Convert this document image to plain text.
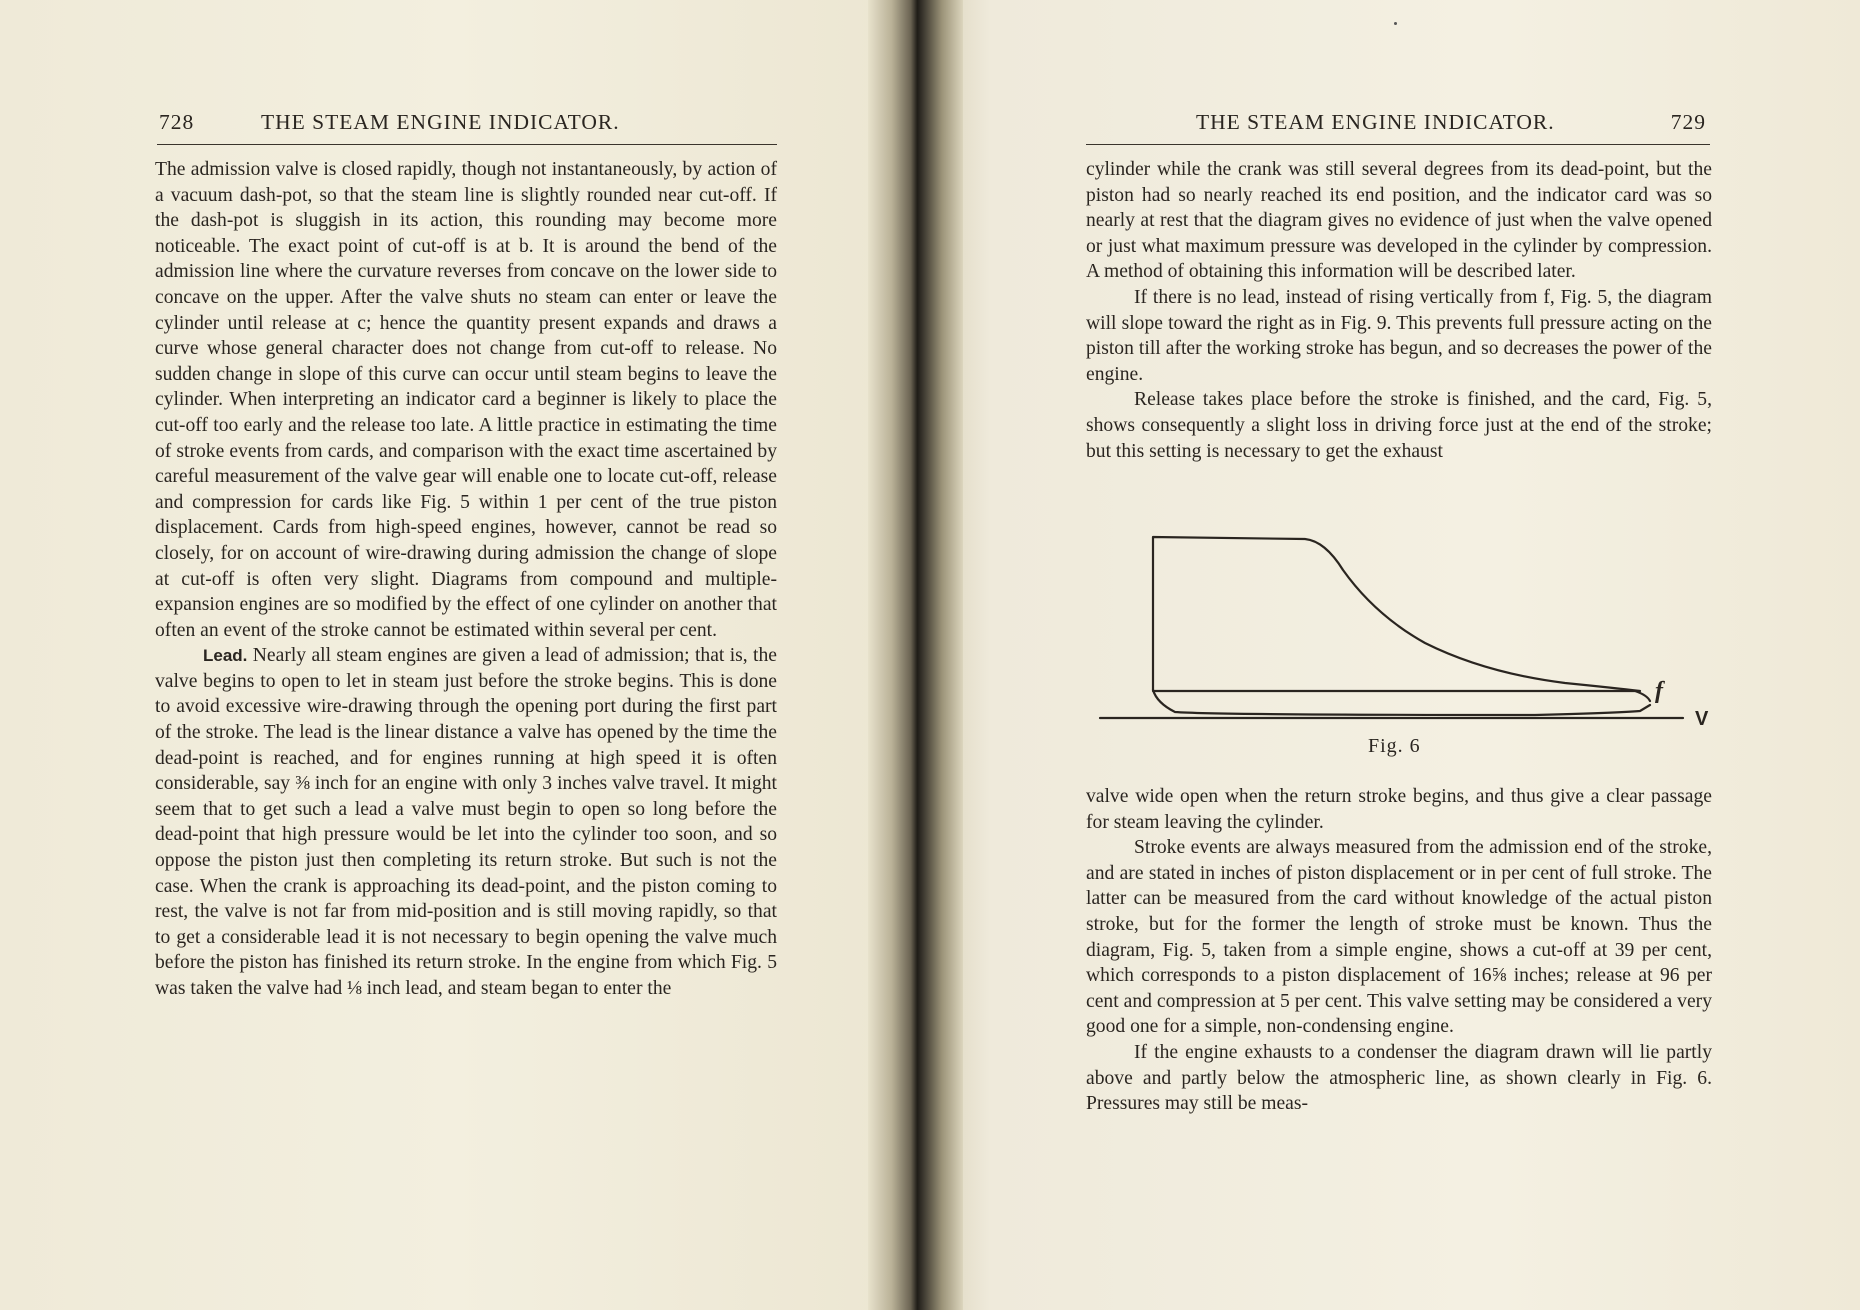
728	THE STEAM ENGINE INDICATOR.

The admission valve is closed rapidly, though not instantaneously, by action of a vacuum dash-pot, so that the steam line is slightly rounded near cut-off. If the dash-pot is sluggish in its action, this rounding may become more noticeable. The exact point of cut-off is at b. It is around the bend of the admission line where the curvature reverses from concave on the lower side to concave on the upper. After the valve shuts no steam can enter or leave the cylinder until release at c; hence the quantity present expands and draws a curve whose general character does not change from cut-off to release. No sudden change in slope of this curve can occur until steam begins to leave the cylinder. When interpreting an indicator card a beginner is likely to place the cut-off too early and the release too late. A little practice in estimating the time of stroke events from cards, and comparison with the exact time ascertained by careful measurement of the valve gear will enable one to locate cut-off, release and compression for cards like Fig. 5 within 1 per cent of the true piston displacement. Cards from high-speed engines, however, cannot be read so closely, for on account of wire-drawing during admission the change of slope at cut-off is often very slight. Diagrams from compound and multiple-expansion engines are so modified by the effect of one cylinder on another that often an event of the stroke cannot be estimated within several per cent.

Lead. Nearly all steam engines are given a lead of admission; that is, the valve begins to open to let in steam just before the stroke begins. This is done to avoid excessive wire-drawing through the opening port during the first part of the stroke. The lead is the linear distance a valve has opened by the time the dead-point is reached, and for engines running at high speed it is often considerable, say ⅜ inch for an engine with only 3 inches valve travel. It might seem that to get such a lead a valve must begin to open so long before the dead-point that high pressure would be let into the cylinder too soon, and so oppose the piston just then completing its return stroke. But such is not the case. When the crank is approaching its dead-point, and the piston coming to rest, the valve is not far from mid-position and is still moving rapidly, so that to get a considerable lead it is not necessary to begin opening the valve much before the piston has finished its return stroke. In the engine from which Fig. 5 was taken the valve had ⅛ inch lead, and steam began to enter the

THE STEAM ENGINE INDICATOR.	729

cylinder while the crank was still several degrees from its dead-point, but the piston had so nearly reached its end position, and the indicator card was so nearly at rest that the diagram gives no evidence of just when the valve opened or just what maximum pressure was developed in the cylinder by compression. A method of obtaining this information will be described later.

If there is no lead, instead of rising vertically from f, Fig. 5, the diagram will slope toward the right as in Fig. 9. This prevents full pressure acting on the piston till after the working stroke has begun, and so decreases the power of the engine.

Release takes place before the stroke is finished, and the card, Fig. 5, shows consequently a slight loss in driving force just at the end of the stroke; but this setting is necessary to get the exhaust

f
V
Fig. 6

valve wide open when the return stroke begins, and thus give a clear passage for steam leaving the cylinder.

Stroke events are always measured from the admission end of the stroke, and are stated in inches of piston displacement or in per cent of full stroke. The latter can be measured from the card without knowledge of the actual piston stroke, but for the former the length of stroke must be known. Thus the diagram, Fig. 5, taken from a simple engine, shows a cut-off at 39 per cent, which corresponds to a piston displacement of 16⅝ inches; release at 96 per cent and compression at 5 per cent. This valve setting may be considered a very good one for a simple, non-condensing engine.

If the engine exhausts to a condenser the diagram drawn will lie partly above and partly below the atmospheric line, as shown clearly in Fig. 6. Pressures may still be meas-
